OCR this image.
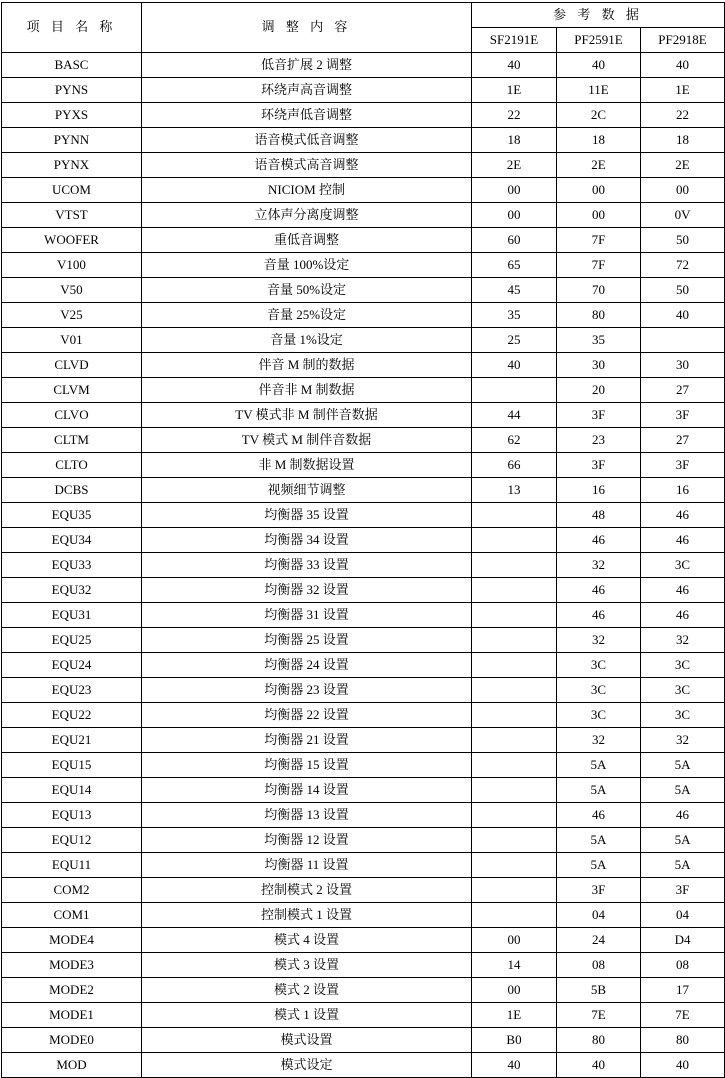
项 目 名 称	调 整 内 容	参 考 数 据		
		SF2191E	PF2591E	PF2918E
BASC	低音扩展 2 调整	40	40	40
PYNS	环绕声高音调整	1E	11E	1E
PYXS	环绕声低音调整	22	2C	22
PYNN	语音模式低音调整	18	18	18
PYNX	语音模式高音调整	2E	2E	2E
UCOM	NICIOM 控制	00	00	00
VTST	立体声分离度调整	00	00	0V
WOOFER	重低音调整	60	7F	50
V100	音量 100%设定	65	7F	72
V50	音量 50%设定	45	70	50
V25	音量 25%设定	35	80	40
V01	音量 1%设定	25	35	
CLVD	伴音 M 制的数据	40	30	30
CLVM	伴音非 M 制数据		20	27
CLVO	TV 模式非 M 制伴音数据	44	3F	3F
CLTM	TV 模式 M 制伴音数据	62	23	27
CLTO	非 M 制数据设置	66	3F	3F
DCBS	视频细节调整	13	16	16
EQU35	均衡器 35 设置		48	46
EQU34	均衡器 34 设置		46	46
EQU33	均衡器 33 设置		32	3C
EQU32	均衡器 32 设置		46	46
EQU31	均衡器 31 设置		46	46
EQU25	均衡器 25 设置		32	32
EQU24	均衡器 24 设置		3C	3C
EQU23	均衡器 23 设置		3C	3C
EQU22	均衡器 22 设置		3C	3C
EQU21	均衡器 21 设置		32	32
EQU15	均衡器 15 设置		5A	5A
EQU14	均衡器 14 设置		5A	5A
EQU13	均衡器 13 设置		46	46
EQU12	均衡器 12 设置		5A	5A
EQU11	均衡器 11 设置		5A	5A
COM2	控制模式 2 设置		3F	3F
COM1	控制模式 1 设置		04	04
MODE4	模式 4 设置	00	24	D4
MODE3	模式 3 设置	14	08	08
MODE2	模式 2 设置	00	5B	17
MODE1	模式 1 设置	1E	7E	7E
MODE0	模式设置	B0	80	80
MOD	模式设定	40	40	40
